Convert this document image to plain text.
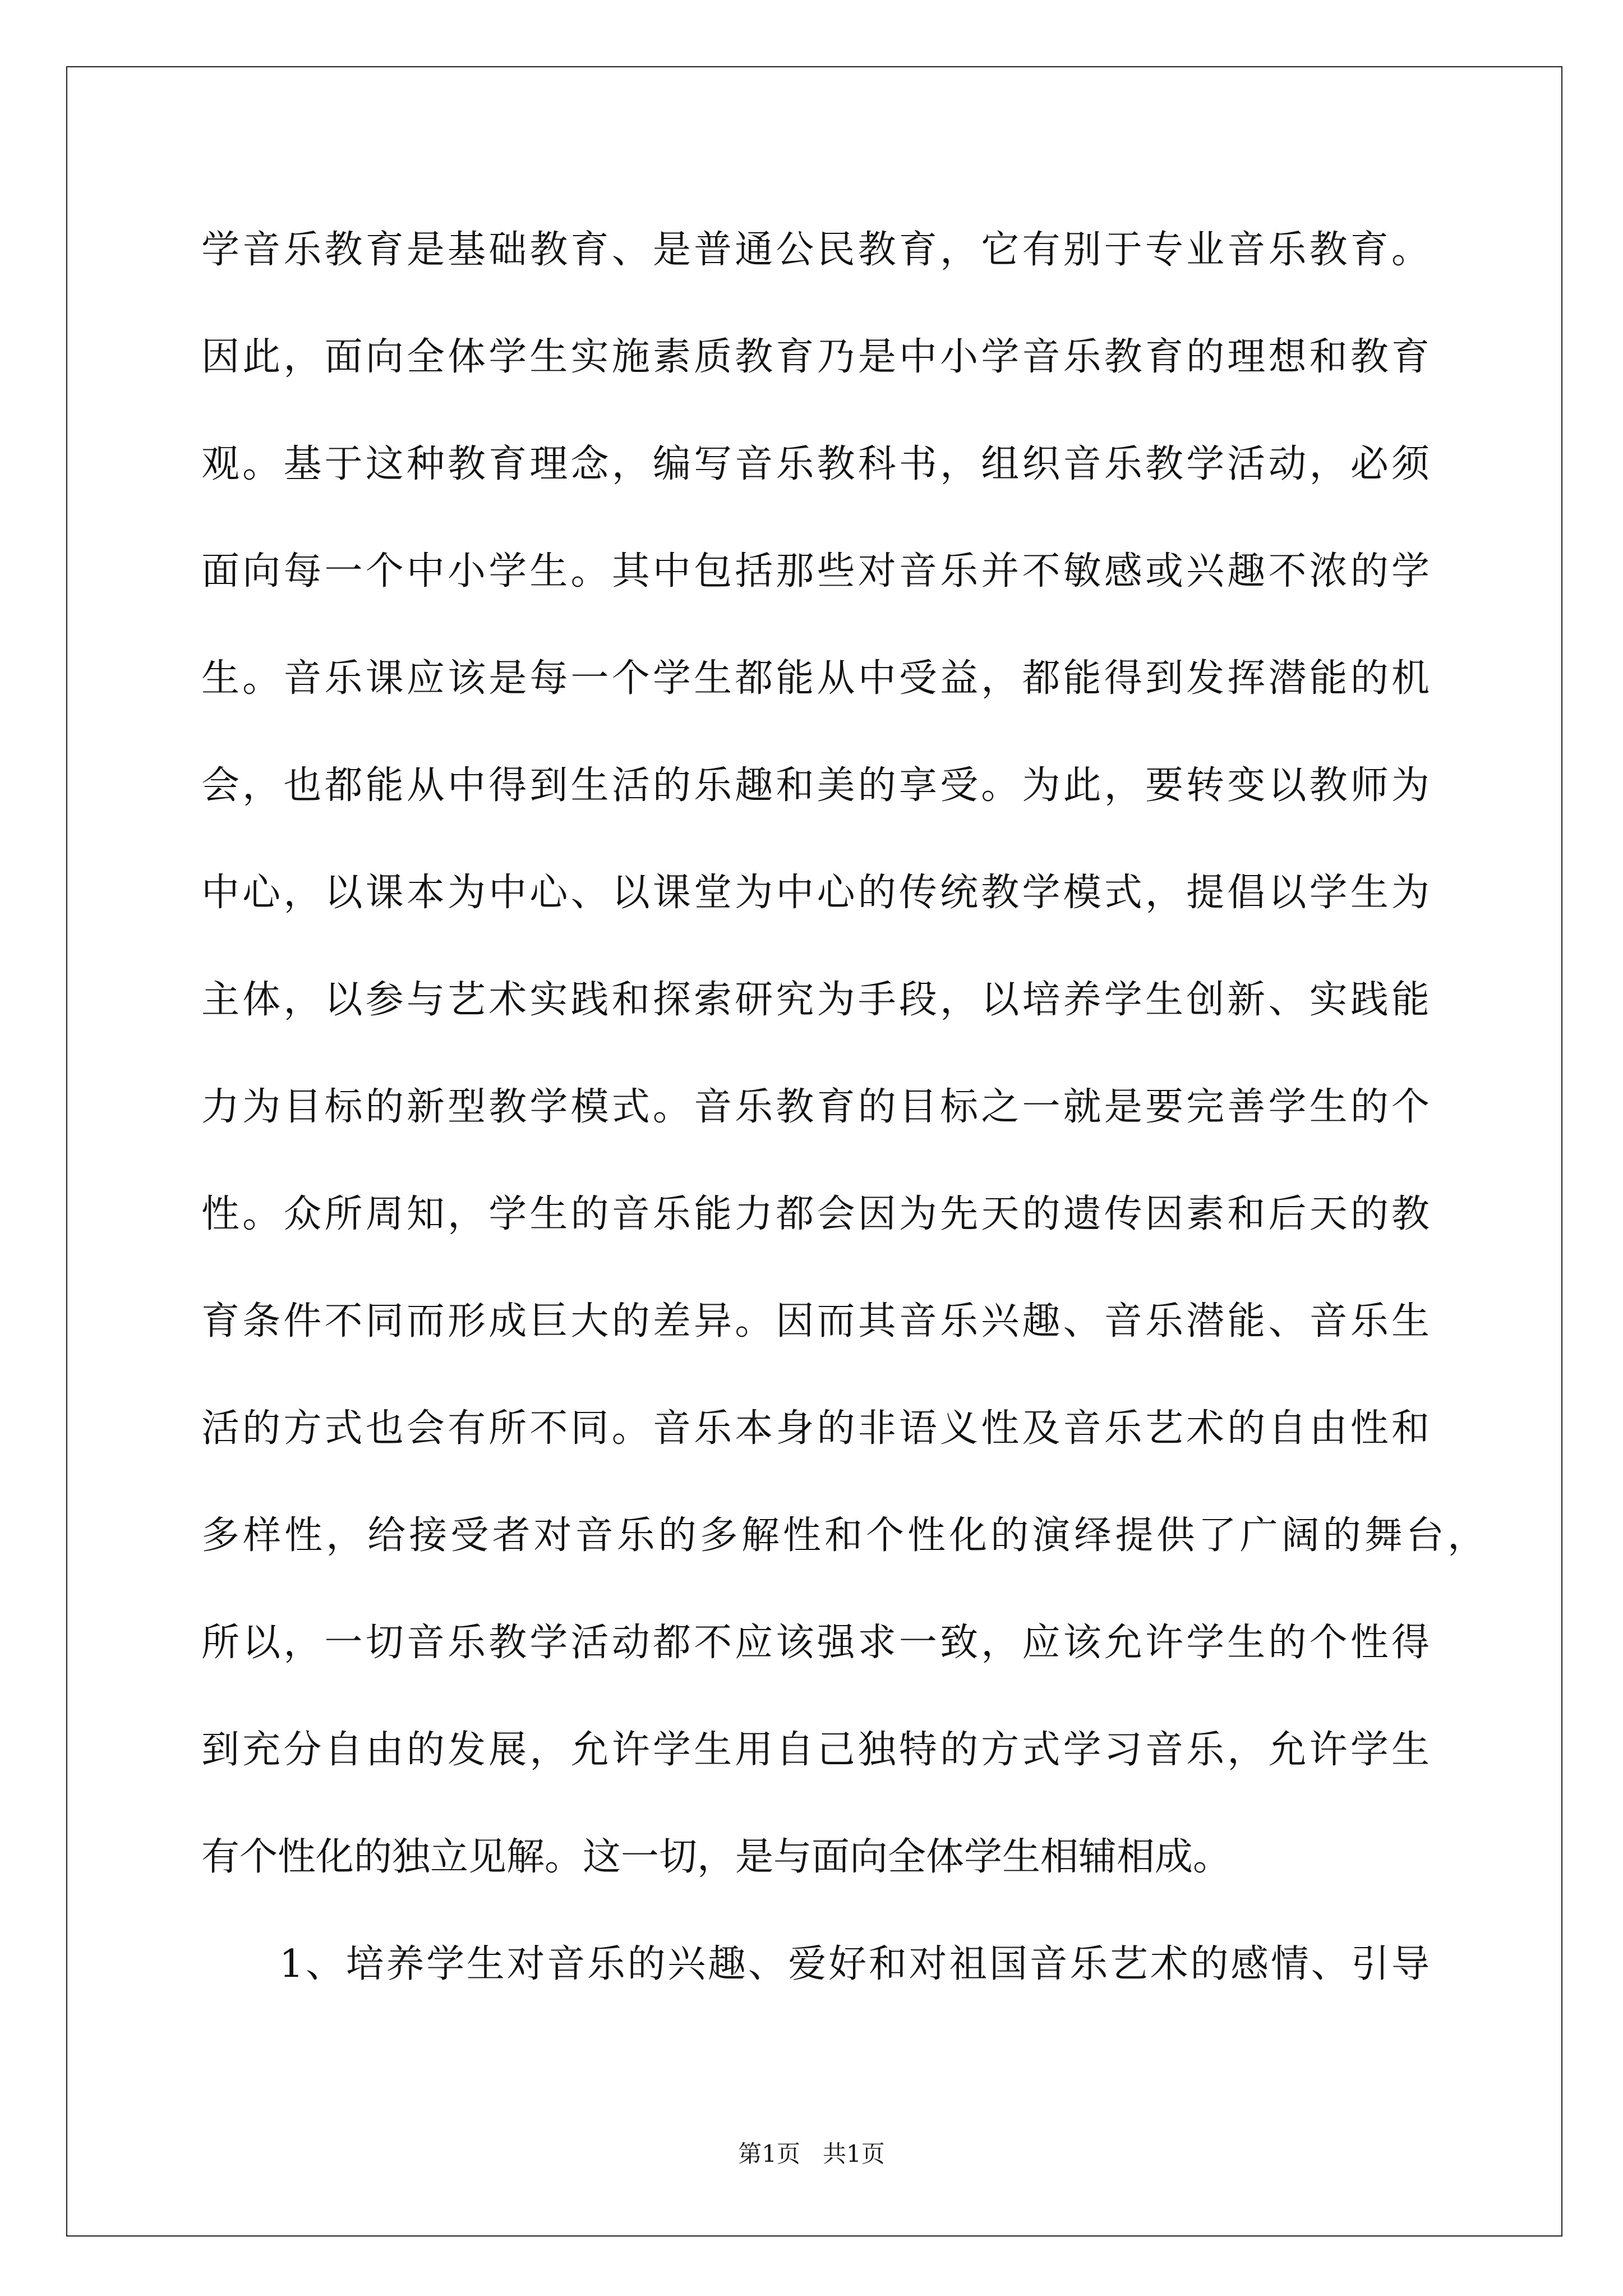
学音乐教育是基础教育、是普通公民教育，它有别于专业音乐教育。
因此，面向全体学生实施素质教育乃是中小学音乐教育的理想和教育
观。基于这种教育理念，编写音乐教科书，组织音乐教学活动，必须
面向每一个中小学生。其中包括那些对音乐并不敏感或兴趣不浓的学
生。音乐课应该是每一个学生都能从中受益，都能得到发挥潜能的机
会，也都能从中得到生活的乐趣和美的享受。为此，要转变以教师为
中心，以课本为中心、以课堂为中心的传统教学模式，提倡以学生为
主体，以参与艺术实践和探索研究为手段，以培养学生创新、实践能
力为目标的新型教学模式。音乐教育的目标之一就是要完善学生的个
性。众所周知，学生的音乐能力都会因为先天的遗传因素和后天的教
育条件不同而形成巨大的差异。因而其音乐兴趣、音乐潜能、音乐生
活的方式也会有所不同。音乐本身的非语义性及音乐艺术的自由性和
多样性，给接受者对音乐的多解性和个性化的演绎提供了广阔的舞台，
所以，一切音乐教学活动都不应该强求一致，应该允许学生的个性得
到充分自由的发展，允许学生用自己独特的方式学习音乐，允许学生
有个性化的独立见解。这一切，是与面向全体学生相辅相成。
1、培养学生对音乐的兴趣、爱好和对祖国音乐艺术的感情、引导
第1页 共1页
